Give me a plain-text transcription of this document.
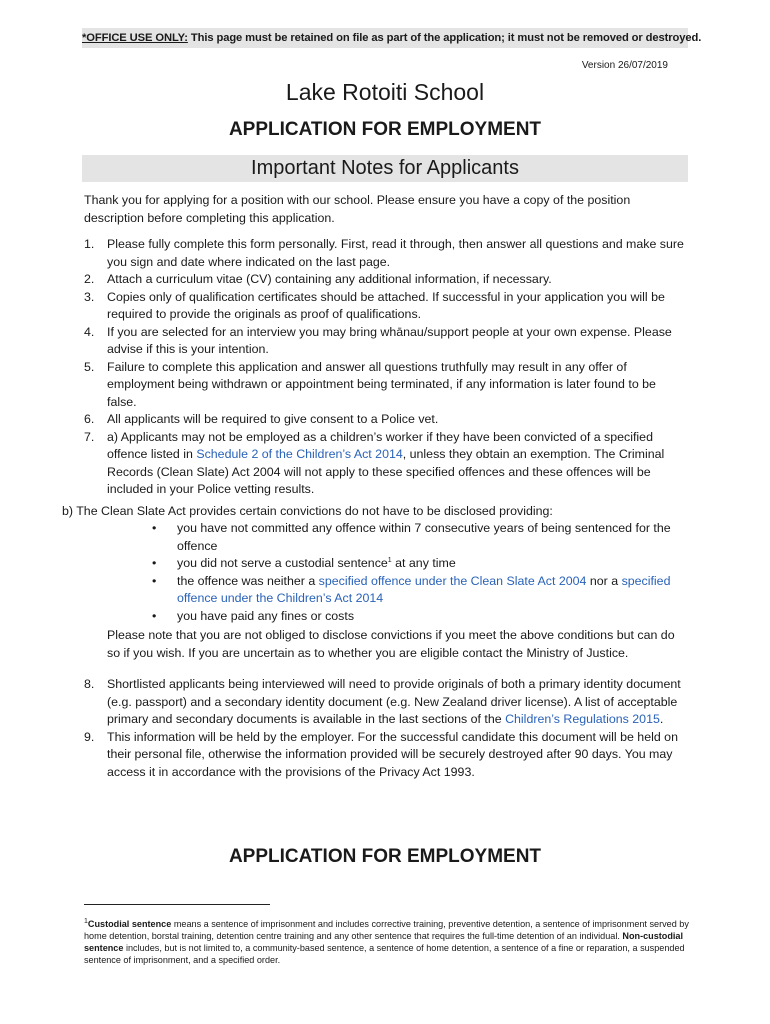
*OFFICE USE ONLY: This page must be retained on file as part of the application; it must not be removed or destroyed.
Version 26/07/2019
Lake Rotoiti School
APPLICATION FOR EMPLOYMENT
Important Notes for Applicants
Thank you for applying for a position with our school. Please ensure you have a copy of the position description before completing this application.
1. Please fully complete this form personally. First, read it through, then answer all questions and make sure you sign and date where indicated on the last page.
2. Attach a curriculum vitae (CV) containing any additional information, if necessary.
3. Copies only of qualification certificates should be attached. If successful in your application you will be required to provide the originals as proof of qualifications.
4. If you are selected for an interview you may bring whānau/support people at your own expense. Please advise if this is your intention.
5. Failure to complete this application and answer all questions truthfully may result in any offer of employment being withdrawn or appointment being terminated, if any information is later found to be false.
6. All applicants will be required to give consent to a Police vet.
7. a) Applicants may not be employed as a children’s worker if they have been convicted of a specified offence listed in Schedule 2 of the Children’s Act 2014, unless they obtain an exemption. The Criminal Records (Clean Slate) Act 2004 will not apply to these specified offences and these offences will be included in your Police vetting results.
b) The Clean Slate Act provides certain convictions do not have to be disclosed providing:
• you have not committed any offence within 7 consecutive years of being sentenced for the offence
• you did not serve a custodial sentence$^1$ at any time
• the offence was neither a specified offence under the Clean Slate Act 2004 nor a specified offence under the Children’s Act 2014
• you have paid any fines or costs
Please note that you are not obliged to disclose convictions if you meet the above conditions but can do so if you wish. If you are uncertain as to whether you are eligible contact the Ministry of Justice.
8. Shortlisted applicants being interviewed will need to provide originals of both a primary identity document (e.g. passport) and a secondary identity document (e.g. New Zealand driver license). A list of acceptable primary and secondary documents is available in the last sections of the Children’s Regulations 2015.
9. This information will be held by the employer. For the successful candidate this document will be held on their personal file, otherwise the information provided will be securely destroyed after 90 days. You may access it in accordance with the provisions of the Privacy Act 1993.
APPLICATION FOR EMPLOYMENT
$^1$Custodial sentence means a sentence of imprisonment and includes corrective training, preventive detention, a sentence of imprisonment served by home detention, borstal training, detention centre training and any other sentence that requires the full-time detention of an individual. Non-custodial sentence includes, but is not limited to, a community-based sentence, a sentence of home detention, a sentence of a fine or reparation, a suspended sentence of imprisonment, and a specified order.
